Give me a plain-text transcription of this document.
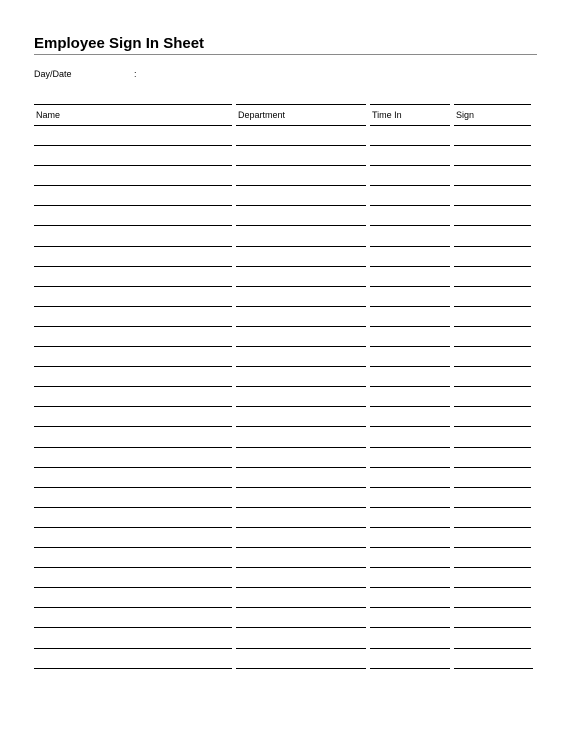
Employee Sign In Sheet
Day/Date	:
Name	Department	Time In	Sign
